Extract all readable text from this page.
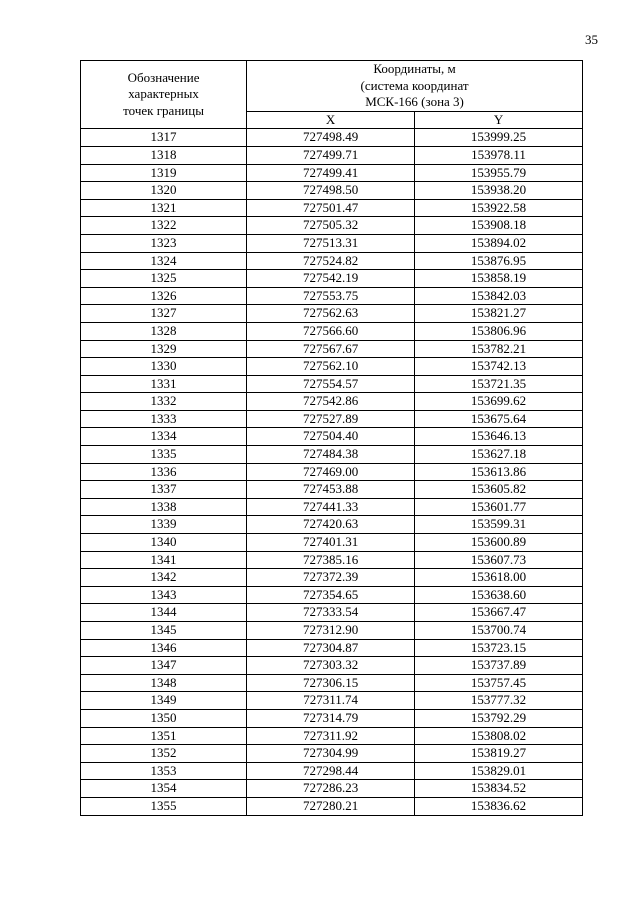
35
Обозначение
характерных
точек границы	Координаты, м
(система координат
МСК-166 (зона 3)	

	X	Y
1317	727498.49	153999.25
1318	727499.71	153978.11
1319	727499.41	153955.79
1320	727498.50	153938.20
1321	727501.47	153922.58
1322	727505.32	153908.18
1323	727513.31	153894.02
1324	727524.82	153876.95
1325	727542.19	153858.19
1326	727553.75	153842.03
1327	727562.63	153821.27
1328	727566.60	153806.96
1329	727567.67	153782.21
1330	727562.10	153742.13
1331	727554.57	153721.35
1332	727542.86	153699.62
1333	727527.89	153675.64
1334	727504.40	153646.13
1335	727484.38	153627.18
1336	727469.00	153613.86
1337	727453.88	153605.82
1338	727441.33	153601.77
1339	727420.63	153599.31
1340	727401.31	153600.89
1341	727385.16	153607.73
1342	727372.39	153618.00
1343	727354.65	153638.60
1344	727333.54	153667.47
1345	727312.90	153700.74
1346	727304.87	153723.15
1347	727303.32	153737.89
1348	727306.15	153757.45
1349	727311.74	153777.32
1350	727314.79	153792.29
1351	727311.92	153808.02
1352	727304.99	153819.27
1353	727298.44	153829.01
1354	727286.23	153834.52
1355	727280.21	153836.62
